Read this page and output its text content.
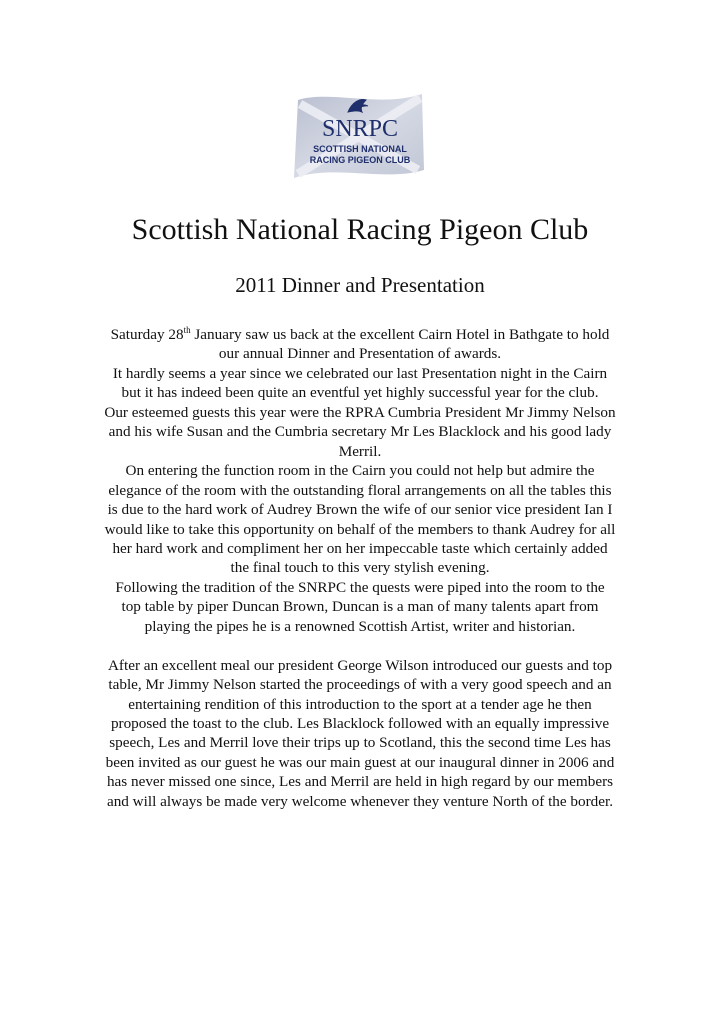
SNRPC
SCOTTISH NATIONAL
RACING PIGEON CLUB
Scottish National Racing Pigeon Club
2011 Dinner and Presentation

Saturday 28th January saw us back at the excellent Cairn Hotel in Bathgate to hold our annual Dinner and Presentation of awards.

It hardly seems a year since we celebrated our last Presentation night in the Cairn but it has indeed been quite an eventful yet highly successful year for the club.

Our esteemed guests this year were the RPRA Cumbria President Mr Jimmy Nelson and his wife Susan and the Cumbria secretary Mr Les Blacklock and his good lady Merril.

On entering the function room in the Cairn you could not help but admire the elegance of the room with the outstanding floral arrangements on all the tables this is due to the hard work of Audrey Brown the wife of our senior vice president Ian I would like to take this opportunity on behalf of the members to thank Audrey for all her hard work and compliment her on her impeccable taste which certainly added the final touch to this very stylish evening.

Following the tradition of the SNRPC the quests were piped into the room to the top table by piper Duncan Brown, Duncan is a man of many talents apart from playing the pipes he is a renowned Scottish Artist, writer and historian.

After an excellent meal our president George Wilson introduced our guests and top table, Mr Jimmy Nelson started the proceedings of with a very good speech and an entertaining rendition of this introduction to the sport at a tender age he then proposed the toast to the club. Les Blacklock followed with an equally impressive speech, Les and Merril love their trips up to Scotland, this the second time Les has been invited as our guest he was our main guest at our inaugural dinner in 2006 and has never missed one since, Les and Merril are held in high regard by our members and will always be made very welcome whenever they venture North of the border.
